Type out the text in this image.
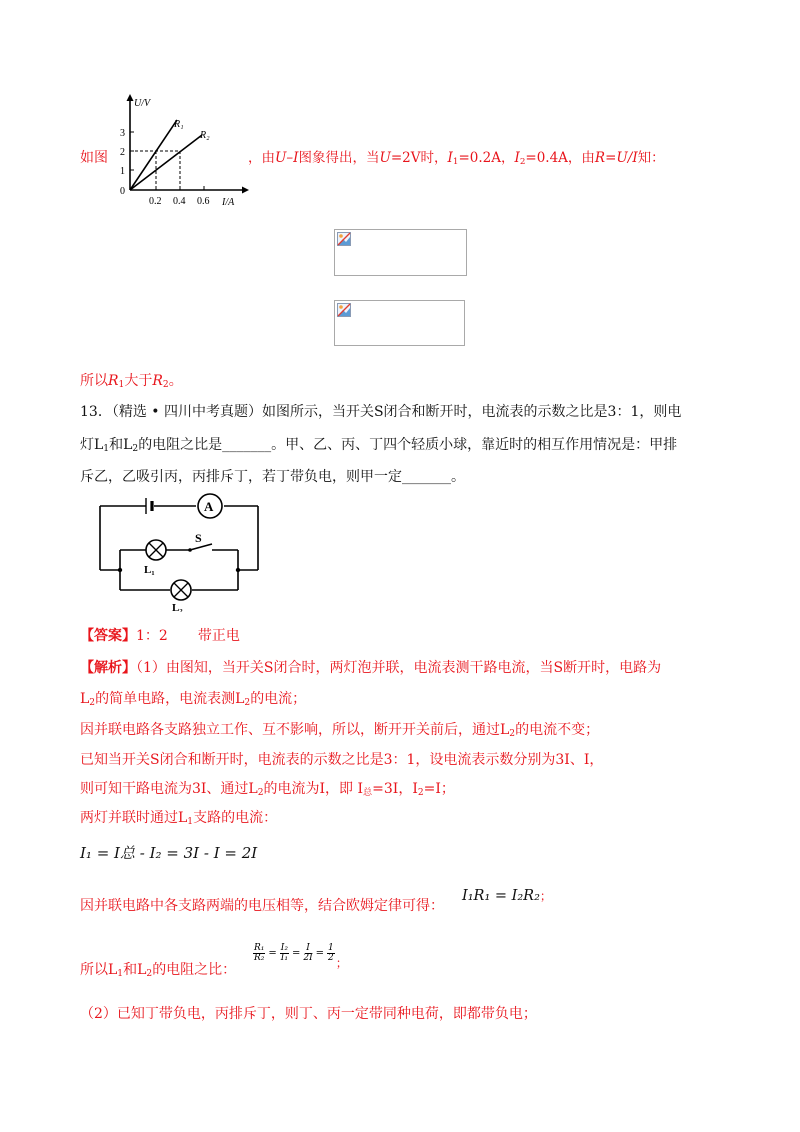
U/V
I/A
0
1
2
3
0.2 0.4 0.6
R₁
R₂
如图	，由U–I图象得出，当U=2V时，$I_1=0.2A$，$I_2=0.4A$，由R=U/I知：
所以$R_1$大于$R_2$。
13．（精选 • 四川中考真题）如图所示，当开关S闭合和断开时，电流表的示数之比是3：1，则电
灯$L_1$和$L_2$的电阻之比是_______。甲、乙、丙、丁四个轻质小球，靠近时的相互作用情况是：甲排
斥乙，乙吸引丙，丙排斥丁，若丁带负电，则甲一定_______。
A
S
L₁
L₂
【答案】1：2 带正电
【解析】（1）由图知，当开关S闭合时，两灯泡并联，电流表测干路电流，当S断开时，电路为
$L_2$的简单电路，电流表测$L_2$的电流；
因并联电路各支路独立工作、互不影响，所以，断开开关前后，通过$L_2$的电流不变；
已知当开关S闭合和断开时，电流表的示数之比是3：1，设电流表示数分别为3I、I，
则可知干路电流为3I、通过$L_2$的电流为I，即 $I_总=3I$，$I_2=I$；
两灯并联时通过$L_1$支路的电流：
I₁ = I总 - I₂ = 3I - I = 2I
因并联电路中各支路两端的电压相等，结合欧姆定律可得：
I₁R₁ = I₂R₂；
所以$L_1$和$L_2$的电阻之比：
$\frac{\text{R₁}}{\text{R₂}} = \frac{\text{I₂}}{\text{I₁}} = \frac{I}{2I} = \frac{1}{2}$ ；
（2）已知丁带负电，丙排斥丁，则丁、丙一定带同种电荷，即都带负电；
